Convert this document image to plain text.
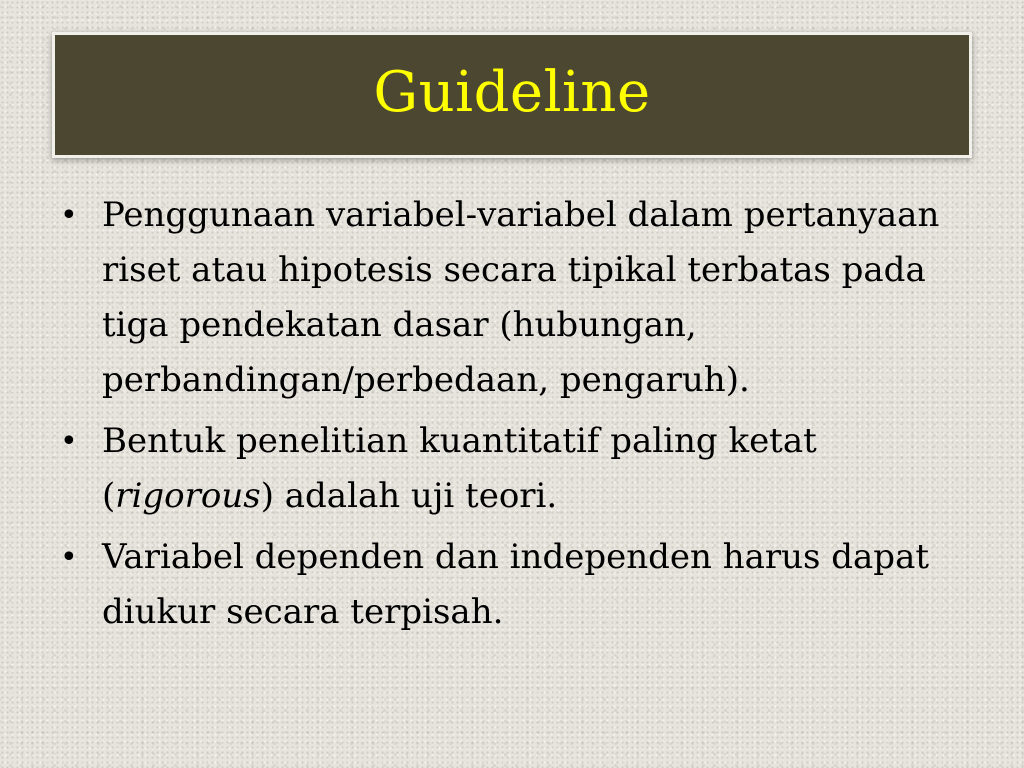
Guideline
• Penggunaan variabel-variabel dalam pertanyaan riset atau hipotesis secara tipikal terbatas pada tiga pendekatan dasar (hubungan, perbandingan/perbedaan, pengaruh).
• Bentuk penelitian kuantitatif paling ketat (rigorous) adalah uji teori.
• Variabel dependen dan independen harus dapat diukur secara terpisah.
